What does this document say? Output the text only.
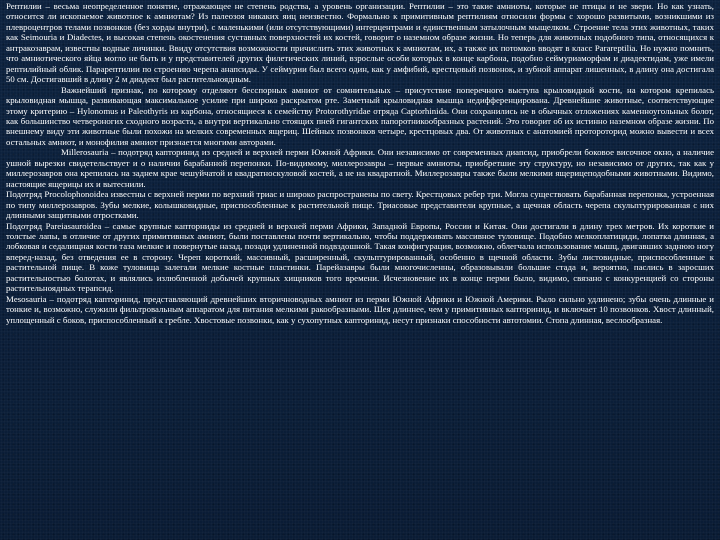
Рептилии – весьма неопределенное понятие, отражающее не степень родства, а уровень организации. Рептилии – это такие амниоты, которые не птицы и не звери. Но как узнать, относится ли ископаемое животное к амниотам? Из палеозоя никаких яиц неизвестно. Формально к примитивным рептилиям относили формы с хорошо развитыми, возникшими из плевроцентров телами позвонков (без хорды внутри), с маленькими (или отсутствующими) интерцентрами и единственным затылочным мыщелком. Строение тела этих животных, таких как Seimouria и Diadectes, и высокая степень окостенения суставных поверхностей их костей, говорит о наземном образе жизни. Но теперь для животных подобного типа, относящихся к антракозаврам, известны водные личинки. Ввиду отсутствия возможности причислить этих животных к амниотам, их, а также их потомков вводят в класс Parareptilia. Но нужно помнить, что амниотического яйца могло не быть и у представителей других филетических линий, взрослые особи которых в конце карбона, подобно сеймуриаморфам и диадектидам, уже имели рептилийный облик. Парарептилии по строению черепа анапсиды. У сеймурии был всего один, как у амфибий, крестцовый позвонок, и зубной аппарат лишенных, в длину она достигала 50 см. Достигавший в длину 2 м диадект был растительноядным.

Важнейший признак, по которому отделяют бесспорных амниот от сомнительных – присутствие поперечного выступа крыловидной кости, на котором крепилась крыловидная мышца, развивающая максимальное усилие при широко раскрытом рте. Заметный крыловидная мышца недифференцирована. Древнейшие животные, соответствующие этому критерию – Hylonomus и Paleothyris из карбона, относящиеся к семейству Protorothyridae отряда Captorhinida. Они сохранились не в обычных отложениях каменноугольных болот, как большинство четвероногих сходного возраста, а внутри вертикально стоящих пней гигантских папоротникообразных растений. Это говорит об их истинно наземном образе жизни. По внешнему виду эти животные были похожи на мелких современных ящериц. Шейных позвонков четыре, крестцовых два. От животных с анатомией протороторид можно вывести и всех остальных амниот, и монофилия амниот признается многими авторами.

Millerosauria – подотряд капторинид из средней и верхней перми Южной Африки. Они независимо от современных диапсид, приобрели боковое височное окно, а наличие ушной вырезки свидетельствует и о наличии барабанной перепонки. По-видимому, миллерозавры – первые амниоты, приобретшие эту структуру, но независимо от других, так как у миллерозавров она крепилась на заднем крае чешуйчатой и квадратноскуловой костей, а не на квадратной. Миллерозавры также были мелкими ящерицеподобными животными. Видимо, настоящие ящерицы их и вытеснили.

Подотряд Procolophonoidea известны с верхней перми по верхний триас и широко распространены по свету. Крестцовых ребер три. Могла существовать барабанная перепонка, устроенная по типу миллерозавров. Зубы мелкие, колышковидные, приспособленные к растительной пище. Триасовые представители крупные, а щечная область черепа скульптурированная с них длинными защитными отростками.

Подотряд Pareiasauroidea – самые крупные капторниды из средней и верхней перми Африки, Западной Европы, России и Китая. Они достигали в длину трех метров. Их короткие и толстые лапы, в отличие от других примитивных амниот, были поставлены почти вертикально, чтобы поддерживать массивное туловище. Подобно мелкоплатициди, лопатка длинная, а лобковая и седалищная кости таза мелкие и повернутые назад, позади удлиненной подвздошной. Такая конфигурация, возможно, облегчала использование мышц, двигавших заднюю ногу вперед-назад, без отведения ее в сторону. Череп короткий, массивный, расширенный, скульптурированный, особенно в щечной области. Зубы листовидные, приспособленные к растительной пище. В коже туловища залегали мелкие костные пластинки. Парейазавры были многочисленны, образовывали большие стада и, вероятно, паслись в заросших растительностью болотах, и являлись излюбленной добычей крупных хищников того времени. Исчезновение их в конце перми было, видимо, связано с конкуренцией со стороны растительноядных терапсид.

Mesosauria – подотряд капторинид, представляющий древнейших вторичноводных амниот из перми Южной Африки и Южной Америки. Рыло сильно удлинено; зубы очень длинные и тонкие и, возможно, служили фильтровальным аппаратом для питания мелкими ракообразными. Шея длиннее, чем у примитивных капторинид, и включает 10 позвонков. Хвост длинный, уплощенный с боков, приспособленный к греблe. Хвостовые позвонки, как у сухопутных капторинид, несут признаки способности автотомии. Стопа длинная, веслообразная.
